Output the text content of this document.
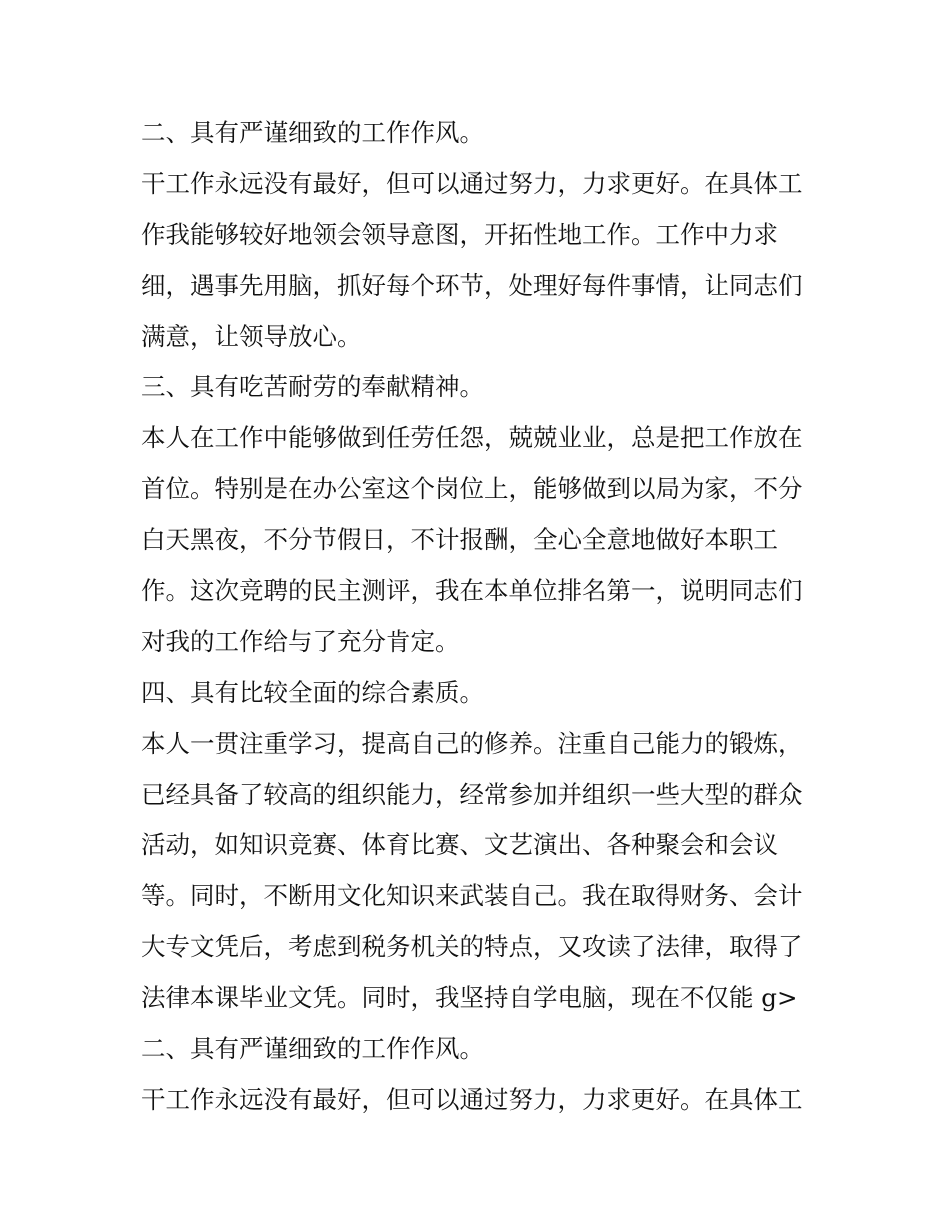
二、具有严谨细致的工作作风。
干工作永远没有最好，但可以通过努力，力求更好。在具体工
作我能够较好地领会领导意图，开拓性地工作。工作中力求
细，遇事先用脑，抓好每个环节，处理好每件事情，让同志们
满意，让领导放心。
三、具有吃苦耐劳的奉献精神。
本人在工作中能够做到任劳任怨，兢兢业业，总是把工作放在
首位。特别是在办公室这个岗位上，能够做到以局为家，不分
白天黑夜，不分节假日，不计报酬，全心全意地做好本职工
作。这次竞聘的民主测评，我在本单位排名第一，说明同志们
对我的工作给与了充分肯定。
四、具有比较全面的综合素质。
本人一贯注重学习，提高自己的修养。注重自己能力的锻炼，
已经具备了较高的组织能力，经常参加并组织一些大型的群众
活动，如知识竞赛、体育比赛、文艺演出、各种聚会和会议
等。同时，不断用文化知识来武装自己。我在取得财务、会计
大专文凭后，考虑到税务机关的特点，又攻读了法律，取得了
法律本课毕业文凭。同时，我坚持自学电脑，现在不仅能 g>
二、具有严谨细致的工作作风。
干工作永远没有最好，但可以通过努力，力求更好。在具体工
